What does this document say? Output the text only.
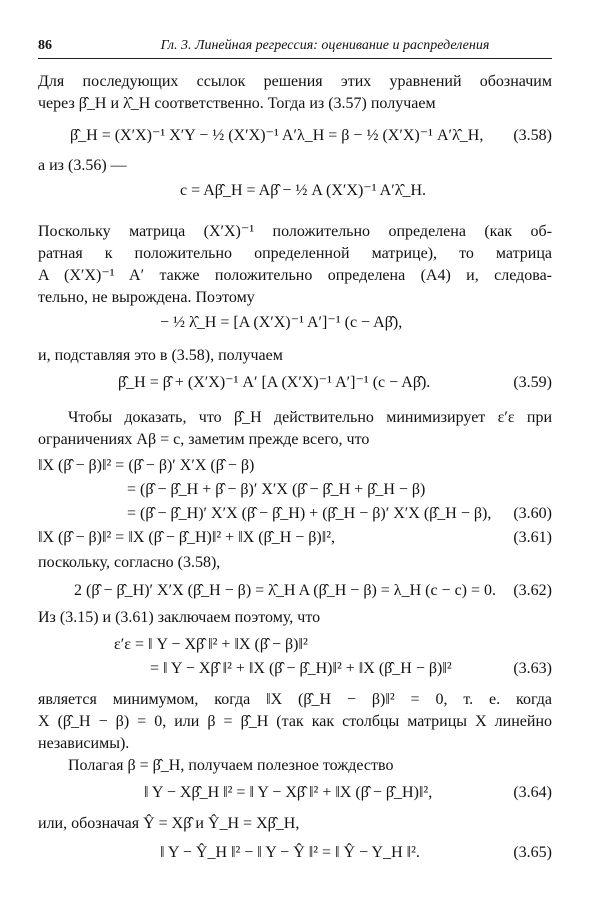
86	Гл. 3. Линейная регрессия: оценивание и распределения
Для последующих ссылок решения этих уравнений обозначим
через β̂_H и λ̂_H соответственно. Тогда из (3.57) получаем
β̂_H = (X′X)⁻¹ X′Y − ½ (X′X)⁻¹ A′λ_H = β − ½ (X′X)⁻¹ A′λ̂_H, (3.58)
а из (3.56) —
c = Aβ̂_H = Aβ̂ − ½ A (X′X)⁻¹ A′λ̂_H.
Поскольку матрица (X′X)⁻¹ положительно определена (как об-
ратная к положительно определенной матрице), то матрица
A (X′X)⁻¹ A′ также положительно определена (A4) и, следова-
тельно, не вырождена. Поэтому
− ½ λ̂_H = [A (X′X)⁻¹ A′]⁻¹ (c − Aβ̂),
и, подставляя это в (3.58), получаем
β̂_H = β̂ + (X′X)⁻¹ A′ [A (X′X)⁻¹ A′]⁻¹ (c − Aβ̂).	(3.59)
Чтобы доказать, что β̂_H действительно минимизирует ε′ε при
ограничениях Aβ = c, заметим прежде всего, что
‖X (β̂ − β)‖² = (β̂ − β)′ X′X (β̂ − β)
= (β̂ − β̂_H + β̂ − β)′ X′X (β̂ − β̂_H + β̂_H − β)
= (β̂ − β̂_H)′ X′X (β̂ − β̂_H) + (β̂_H − β)′ X′X (β̂_H − β), (3.60)
‖X (β̂ − β)‖² = ‖X (β̂ − β̂_H)‖² + ‖X (β̂_H − β)‖²,	(3.61)
поскольку, согласно (3.58),
2 (β̂ − β̂_H)′ X′X (β̂_H − β) = λ̂_H A (β̂_H − β) = λ_H (c − c) = 0. (3.62)
Из (3.15) и (3.61) заключаем поэтому, что
ε′ε = ‖ Y − Xβ̂ ‖² + ‖X (β̂ − β)‖²
= ‖ Y − Xβ̂ ‖² + ‖X (β̂ − β̂_H)‖² + ‖X (β̂_H − β)‖²	(3.63)
является минимумом, когда ‖X (β̂_H − β)‖² = 0, т. е. когда
X (β̂_H − β) = 0, или β = β̂_H (так как столбцы матрицы X линейно
независимы).
Полагая β = β̂_H, получаем полезное тождество
‖ Y − Xβ̂_H ‖² = ‖ Y − Xβ̂ ‖² + ‖X (β̂ − β̂_H)‖²,	(3.64)
или, обозначая Ŷ = Xβ̂ и Ŷ_H = Xβ̂_H,
‖ Y − Ŷ_H ‖² − ‖ Y − Ŷ ‖² = ‖ Ŷ − Y_H ‖².	(3.65)
